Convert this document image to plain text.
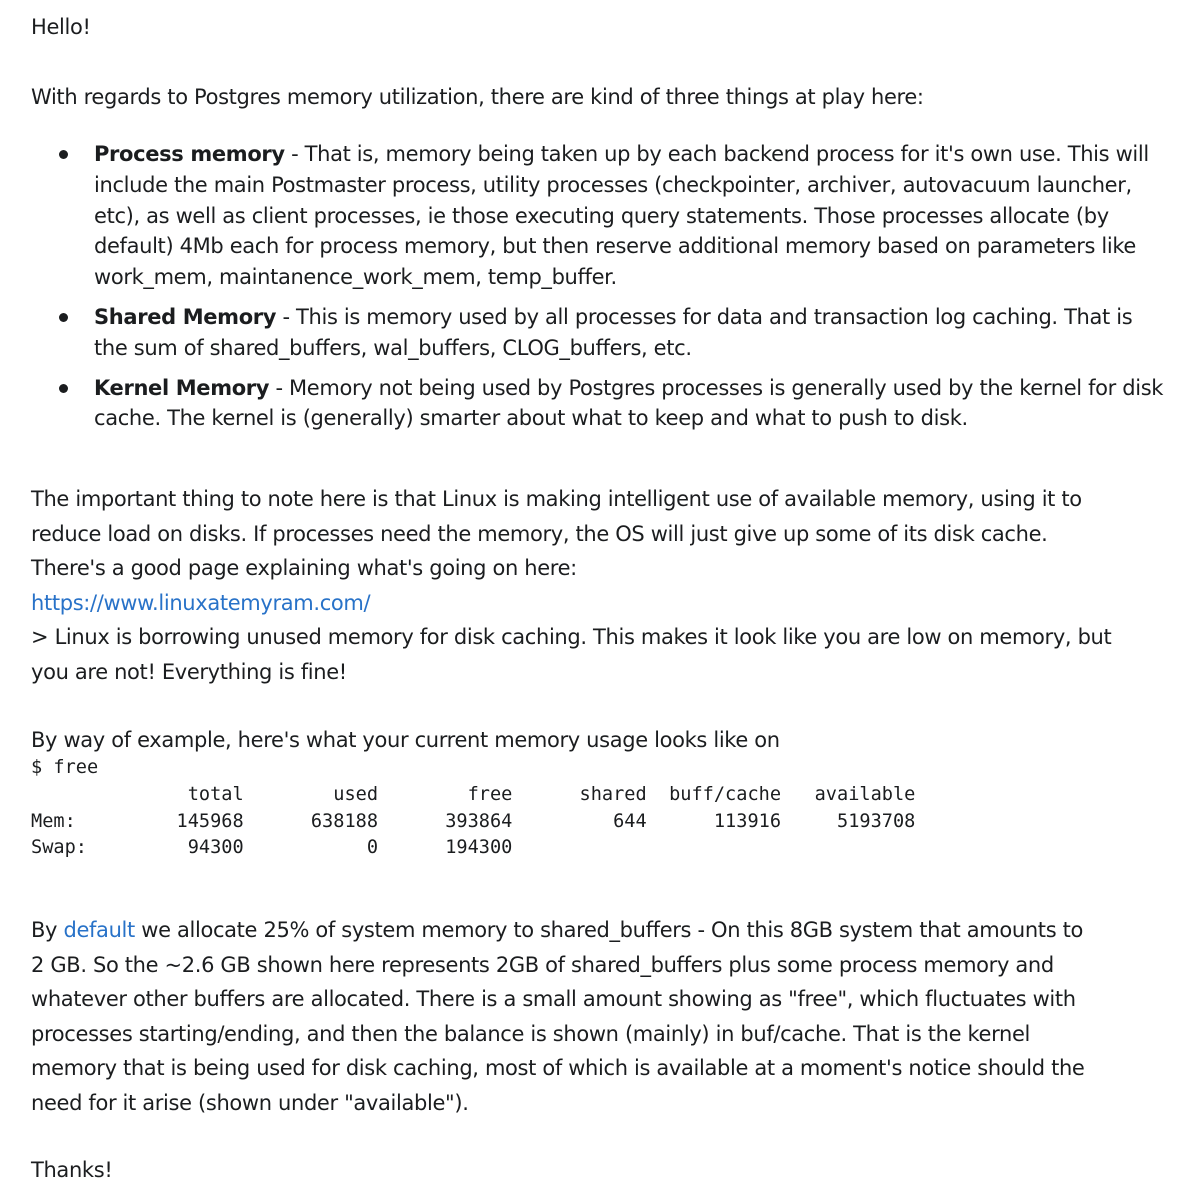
Hello!

With regards to Postgres memory utilization, there are kind of three things at play here:

Process memory - That is, memory being taken up by each backend process for it's own use. This will include the main Postmaster process, utility processes (checkpointer, archiver, autovacuum launcher, etc), as well as client processes, ie those executing query statements. Those processes allocate (by default) 4Mb each for process memory, but then reserve additional memory based on parameters like work_mem, maintanence_work_mem, temp_buffer.
Shared Memory - This is memory used by all processes for data and transaction log caching. That is the sum of shared_buffers, wal_buffers, CLOG_buffers, etc.
Kernel Memory - Memory not being used by Postgres processes is generally used by the kernel for disk cache. The kernel is (generally) smarter about what to keep and what to push to disk.
The important thing to note here is that Linux is making intelligent use of available memory, using it to
reduce load on disks. If processes need the memory, the OS will just give up some of its disk cache.
There's a good page explaining what's going on here:
https://www.linuxatemyram.com/
> Linux is borrowing unused memory for disk caching. This makes it look like you are low on memory, but
you are not! Everything is fine!

By way of example, here's what your current memory usage looks like on

$ free
total        used        free      shared  buff/cache   available
Mem:         145968      638188      393864         644      113916     5193708
Swap:         94300           0      194300
By default we allocate 25% of system memory to shared_buffers - On this 8GB system that amounts to
2 GB. So the ~2.6 GB shown here represents 2GB of shared_buffers plus some process memory and
whatever other buffers are allocated. There is a small amount showing as "free", which fluctuates with
processes starting/ending, and then the balance is shown (mainly) in buf/cache. That is the kernel
memory that is being used for disk caching, most of which is available at a moment's notice should the
need for it arise (shown under "available").

Thanks!
